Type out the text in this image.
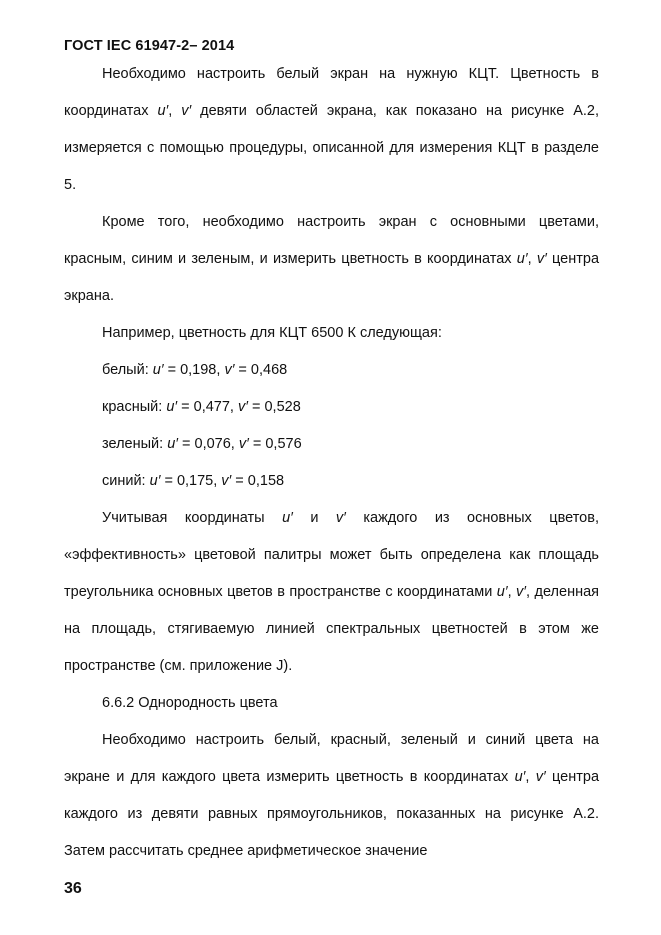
ГОСТ IEC 61947-2– 2014

Необходимо настроить белый экран на нужную КЦТ. Цветность в координатах u′, v′ девяти областей экрана, как показано на рисунке А.2, измеряется с помощью процедуры, описанной для измерения КЦТ в разделе 5.

Кроме того, необходимо настроить экран с основными цветами, красным, синим и зеленым, и измерить цветность в координатах u′, v′ центра экрана.

Например, цветность для КЦТ 6500 К следующая:

белый: u′ = 0,198, v′ = 0,468

красный: u′ = 0,477, v′ = 0,528

зеленый: u′ = 0,076, v′ = 0,576

синий: u′ = 0,175, v′ = 0,158

Учитывая координаты u′ и v′ каждого из основных цветов, «эффективность» цветовой палитры может быть определена как площадь треугольника основных цветов в пространстве с координатами u′, v′, деленная на площадь, стягиваемую линией спектральных цветностей в этом же пространстве (см. приложение J).

6.6.2 Однородность цвета

Необходимо настроить белый, красный, зеленый и синий цвета на экране и для каждого цвета измерить цветность в координатах u′, v′ центра каждого из девяти равных прямоугольников, показанных на рисунке А.2. Затем рассчитать среднее арифметическое значение

36
